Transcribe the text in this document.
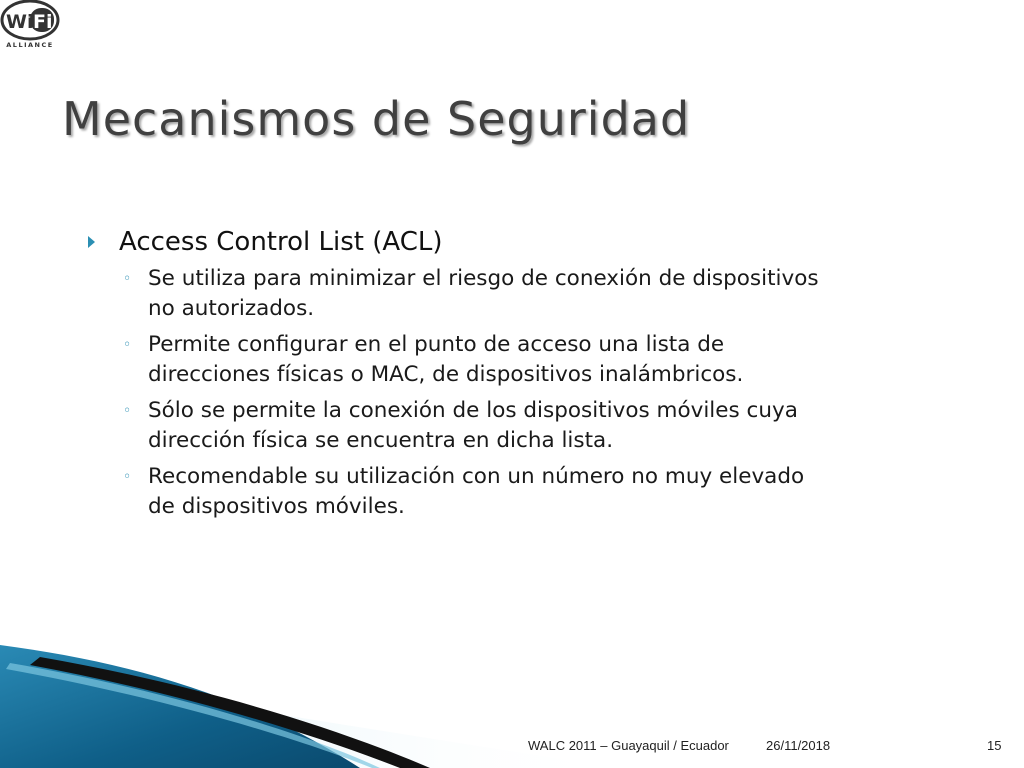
Wi Fi
ALLIANCE
Mecanismos de Seguridad
Access Control List (ACL)
◦ Se utiliza para minimizar el riesgo de conexión de dispositivos
no autorizados.
◦ Permite configurar en el punto de acceso una lista de
direcciones físicas o MAC, de dispositivos inalámbricos.
◦ Sólo se permite la conexión de los dispositivos móviles cuya
dirección física se encuentra en dicha lista.
◦ Recomendable su utilización con un número no muy elevado
de dispositivos móviles.
WALC 2011 – Guayaquil / Ecuador	26/11/2018	15
